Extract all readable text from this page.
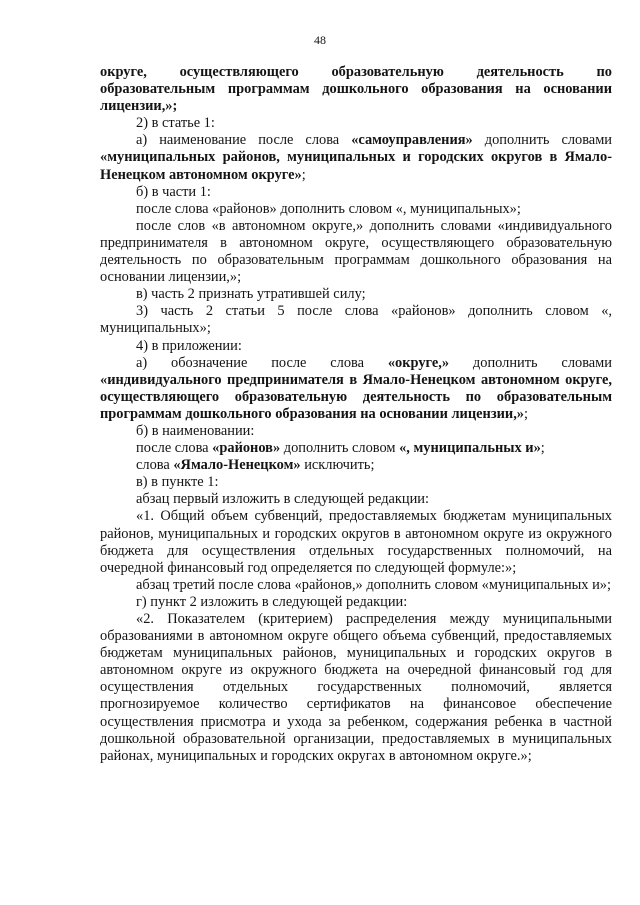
48

округе, осуществляющего образовательную деятельность по образовательным программам дошкольного образования на основании лицензии,»;

2) в статье 1:

а) наименование после слова «самоуправления» дополнить словами «муниципальных районов, муниципальных и городских округов в Ямало-Ненецком автономном округе»;

б) в части 1:

после слова «районов» дополнить словом «, муниципальных»;

после слов «в автономном округе,» дополнить словами «индивидуального предпринимателя в автономном округе, осуществляющего образовательную деятельность по образовательным программам дошкольного образования на основании лицензии,»;

в) часть 2 признать утратившей силу;

3) часть 2 статьи 5 после слова «районов» дополнить словом «, муниципальных»;

4) в приложении:

а) обозначение после слова «округе,» дополнить словами «индивидуального предпринимателя в Ямало-Ненецком автономном округе, осуществляющего образовательную деятельность по образовательным программам дошкольного образования на основании лицензии,»;

б) в наименовании:

после слова «районов» дополнить словом «, муниципальных и»;

слова «Ямало-Ненецком» исключить;

в) в пункте 1:

абзац первый изложить в следующей редакции:

«1. Общий объем субвенций, предоставляемых бюджетам муниципальных районов, муниципальных и городских округов в автономном округе из окружного бюджета для осуществления отдельных государственных полномочий, на очередной финансовый год определяется по следующей формуле:»;

абзац третий после слова «районов,» дополнить словом «муниципальных и»;

г) пункт 2 изложить в следующей редакции:

«2. Показателем (критерием) распределения между муниципальными образованиями в автономном округе общего объема субвенций, предоставляемых бюджетам муниципальных районов, муниципальных и городских округов в автономном округе из окружного бюджета на очередной финансовый год для осуществления отдельных государственных полномочий, является прогнозируемое количество сертификатов на финансовое обеспечение осуществления присмотра и ухода за ребенком, содержания ребенка в частной дошкольной образовательной организации, предоставляемых в муниципальных районах, муниципальных и городских округах в автономном округе.»;
